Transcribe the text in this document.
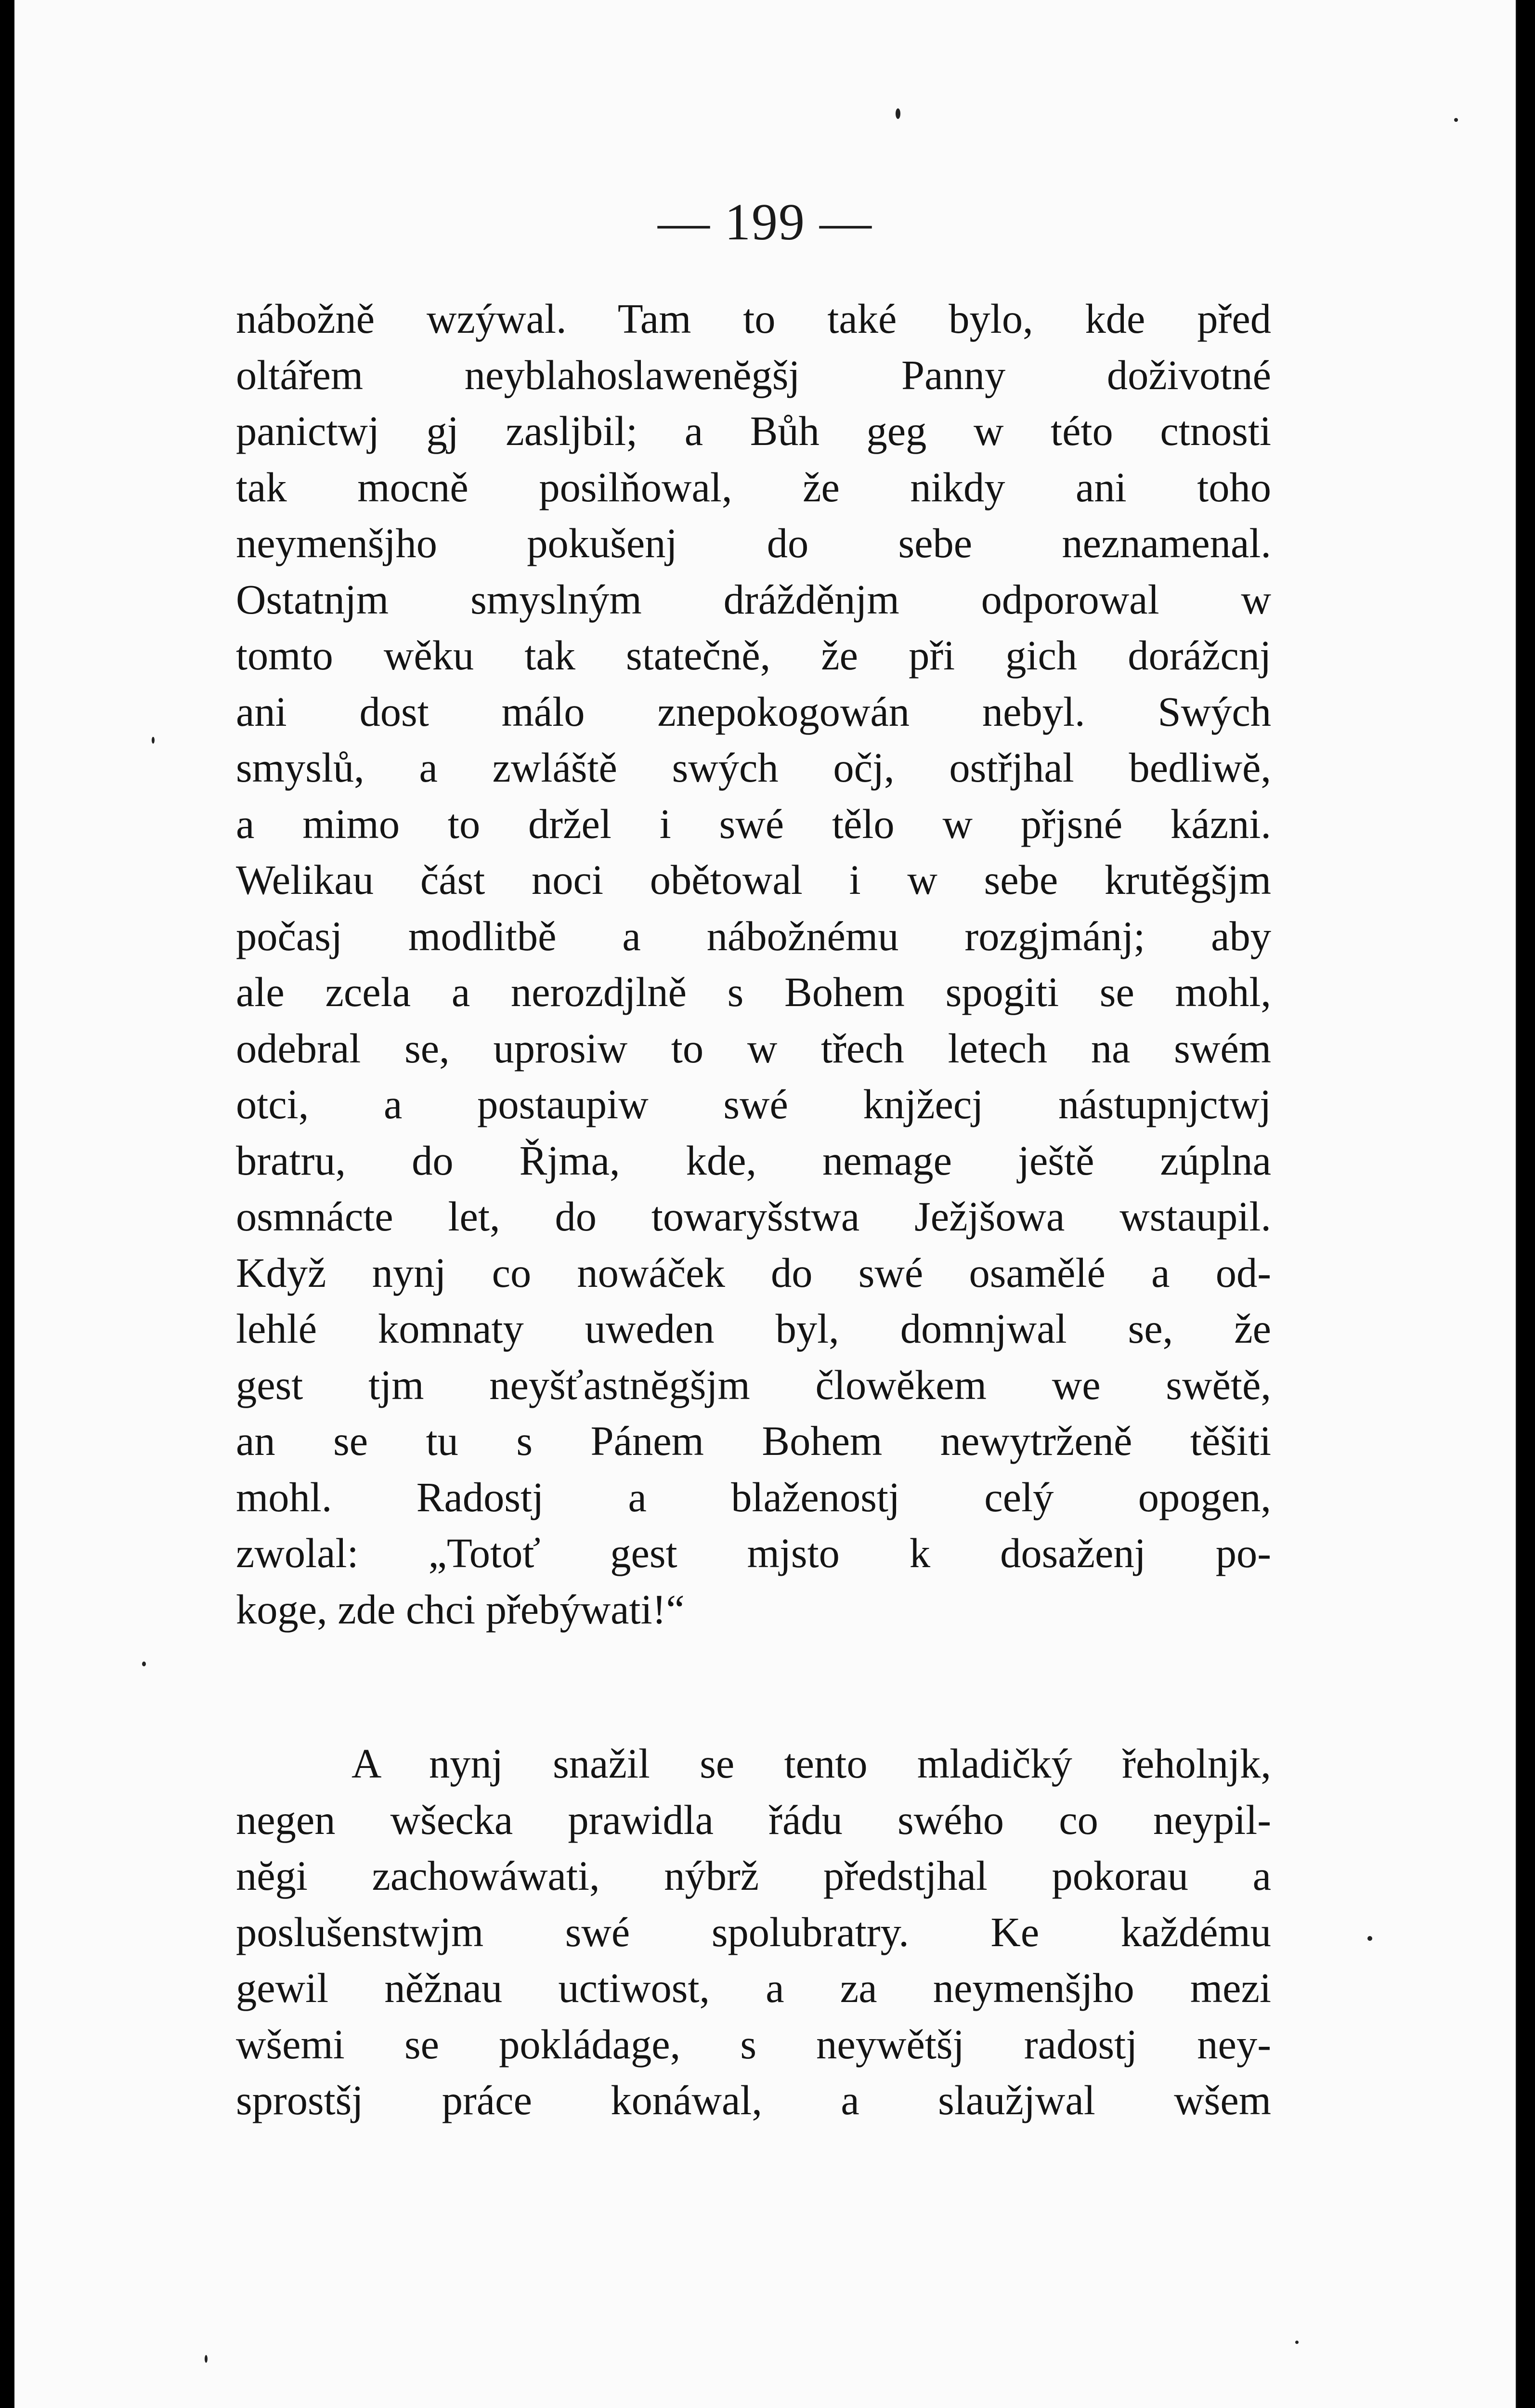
— 199 —
nábožně wzýwal. Tam to také bylo, kde před
oltářem neyblahoslawenĕgšj Panny doživotné
panictwj gj zasljbil; a Bůh geg w této ctnosti
tak mocně posilňowal, že nikdy ani toho
neymenšjho pokušenj do sebe neznamenal.
Ostatnjm smyslným drážděnjm odporowal w
tomto wěku tak statečně, že při gich dorážcnj
ani dost málo znepokogowán nebyl. Swých
smyslů, a zwláště swých očj, ostřjhal bedliwĕ,
a mimo to držel i swé tělo w přjsné kázni.
Welikau část noci obětowal i w sebe krutĕgšjm
počasj modlitbě a nábožnému rozgjmánj; aby
ale zcela a nerozdjlně s Bohem spogiti se mohl,
odebral se, uprosiw to w třech letech na swém
otci, a postaupiw swé knjžecj nástupnjctwj
bratru, do Řjma, kde, nemage ještě zúplna
osmnácte let, do towaryšstwa Ježjšowa wstaupil.
Když nynj co nowáček do swé osamělé a od-
lehlé komnaty uweden byl, domnjwal se, že
gest tjm neyšťastnĕgšjm člowĕkem we swĕtě,
an se tu s Pánem Bohem newytrženě těšiti
mohl. Radostj a blaženostj celý opogen,
zwolal: „Totoť gest mjsto k dosaženj po-
koge, zde chci přebýwati!“
A nynj snažil se tento mladičký řeholnjk,
negen wšecka prawidla řádu swého co neypil-
nĕgi zachowáwati, nýbrž předstjhal pokorau a
poslušenstwjm swé spolubratry. Ke každému
gewil něžnau uctiwost, a za neymenšjho mezi
wšemi se pokládage, s neywětšj radostj ney-
sprostšj práce konáwal, a slaužjwal wšem
